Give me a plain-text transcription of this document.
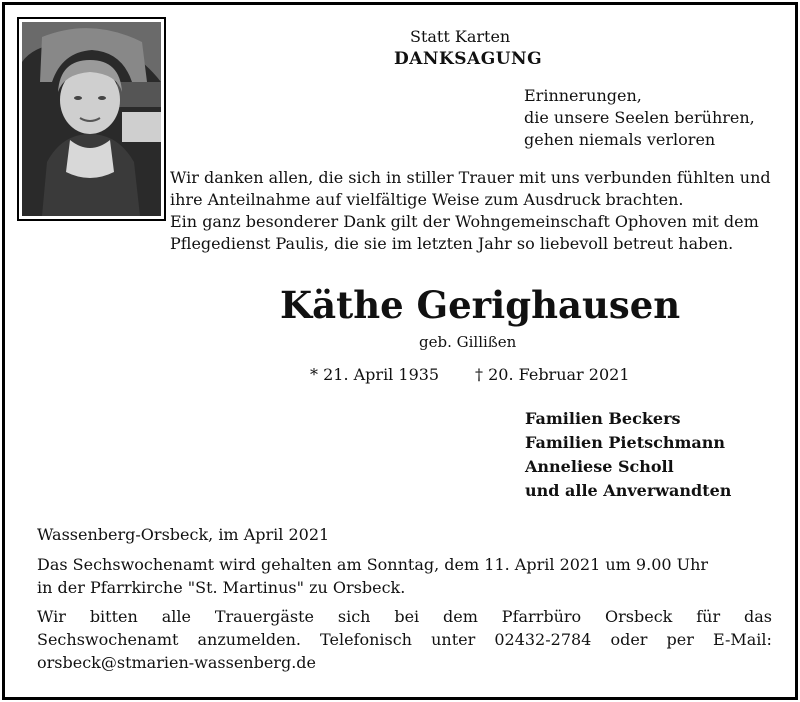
Statt Karten
DANKSAGUNG
Erinnerungen,
die unsere Seelen berühren,
gehen niemals verloren
Wir danken allen, die sich in stiller Trauer mit uns verbunden fühlten und
ihre Anteilnahme auf vielfältige Weise zum Ausdruck brachten.
Ein ganz besonderer Dank gilt der Wohngemeinschaft Ophoven mit dem
Pflegedienst Paulis, die sie im letzten Jahr so liebevoll betreut haben.
Käthe Gerighausen
geb. Gillißen
* 21. April 1935 † 20. Februar 2021
Familien Beckers
Familien Pietschmann
Anneliese Scholl
und alle Anverwandten
Wassenberg-Orsbeck, im April 2021
Das Sechswochenamt wird gehalten am Sonntag, dem 11. April 2021 um 9.00 Uhr
in der Pfarrkirche "St. Martinus" zu Orsbeck.
Wir bitten alle Trauergäste sich bei dem Pfarrbüro Orsbeck für das
Sechswochenamt anzumelden. Telefonisch unter 02432-2784 oder per E-Mail:
orsbeck@stmarien-wassenberg.de
